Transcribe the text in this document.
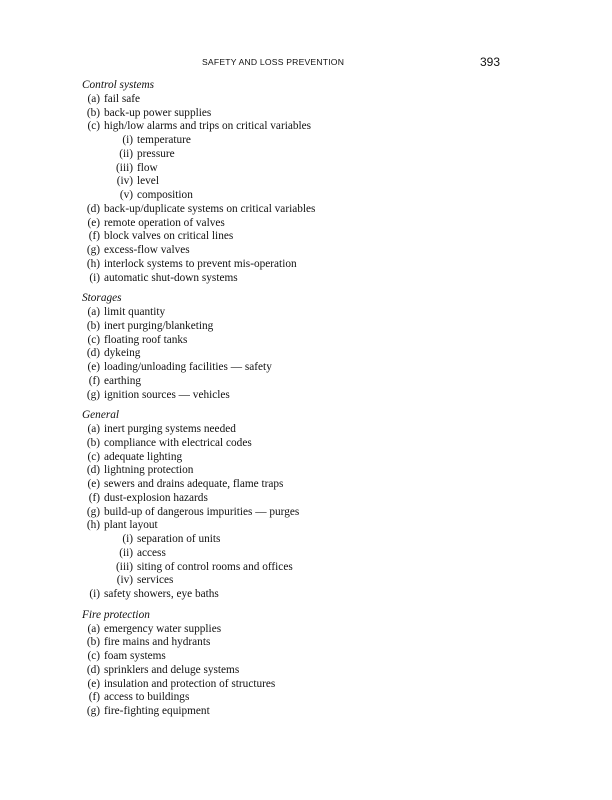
SAFETY AND LOSS PREVENTION	393
Control systems
(a) fail safe
(b) back-up power supplies
(c) high/low alarms and trips on critical variables
(i) temperature
(ii) pressure
(iii) flow
(iv) level
(v) composition
(d) back-up/duplicate systems on critical variables
(e) remote operation of valves
(f) block valves on critical lines
(g) excess-flow valves
(h) interlock systems to prevent mis-operation
(i) automatic shut-down systems
Storages
(a) limit quantity
(b) inert purging/blanketing
(c) floating roof tanks
(d) dykeing
(e) loading/unloading facilities — safety
(f) earthing
(g) ignition sources — vehicles
General
(a) inert purging systems needed
(b) compliance with electrical codes
(c) adequate lighting
(d) lightning protection
(e) sewers and drains adequate, flame traps
(f) dust-explosion hazards
(g) build-up of dangerous impurities — purges
(h) plant layout
(i) separation of units
(ii) access
(iii) siting of control rooms and offices
(iv) services
(i) safety showers, eye baths
Fire protection
(a) emergency water supplies
(b) fire mains and hydrants
(c) foam systems
(d) sprinklers and deluge systems
(e) insulation and protection of structures
(f) access to buildings
(g) fire-fighting equipment
